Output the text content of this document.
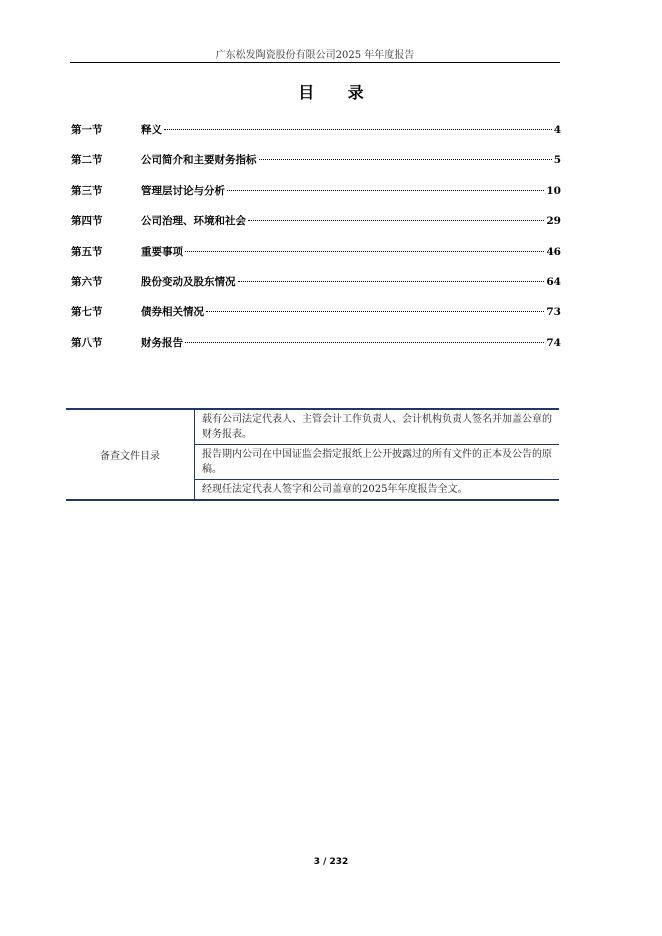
广东松发陶瓷股份有限公司2025 年年度报告
目 录
第一节	释义	4
第二节	公司简介和主要财务指标	5
第三节	管理层讨论与分析	10
第四节	公司治理、环境和社会	29
第五节	重要事项	46
第六节	股份变动及股东情况	64
第七节	债券相关情况	73
第八节	财务报告	74
备查文件目录	载有公司法定代表人、主管会计工作负责人、会计机构负责人签名并加盖公章的财务报表。
报告期内公司在中国证监会指定报纸上公开披露过的所有文件的正本及公告的原稿。
经现任法定代表人签字和公司盖章的2025年年度报告全文。
3 / 232
